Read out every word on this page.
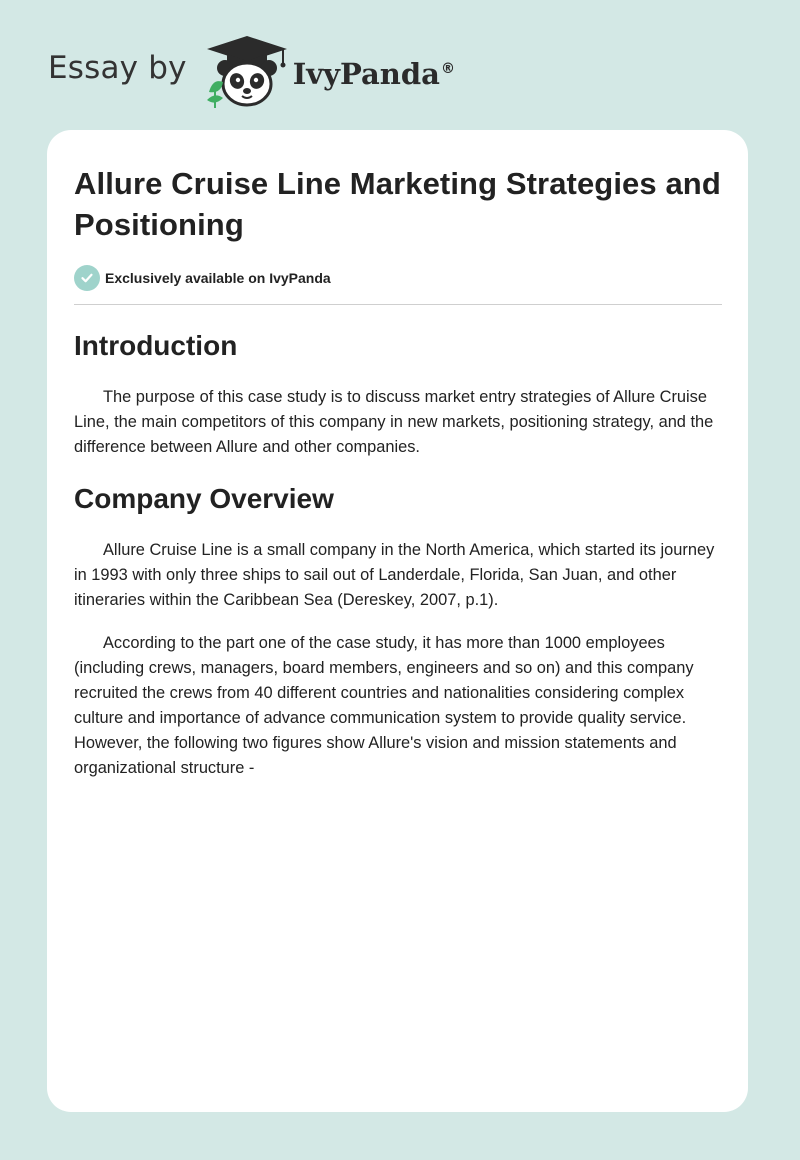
Essay by	IvyPanda®
Allure Cruise Line Marketing Strategies and Positioning
Exclusively available on IvyPanda
Introduction

The purpose of this case study is to discuss market entry strategies of Allure Cruise Line, the main competitors of this company in new markets, positioning strategy, and the difference between Allure and other companies.

Company Overview

Allure Cruise Line is a small company in the North America, which started its journey in 1993 with only three ships to sail out of Landerdale, Florida, San Juan, and other itineraries within the Caribbean Sea (Dereskey, 2007, p.1).

According to the part one of the case study, it has more than 1000 employees (including crews, managers, board members, engineers and so on) and this company recruited the crews from 40 different countries and nationalities considering complex culture and importance of advance communication system to provide quality service. However, the following two figures show Allure's vision and mission statements and organizational structure -
